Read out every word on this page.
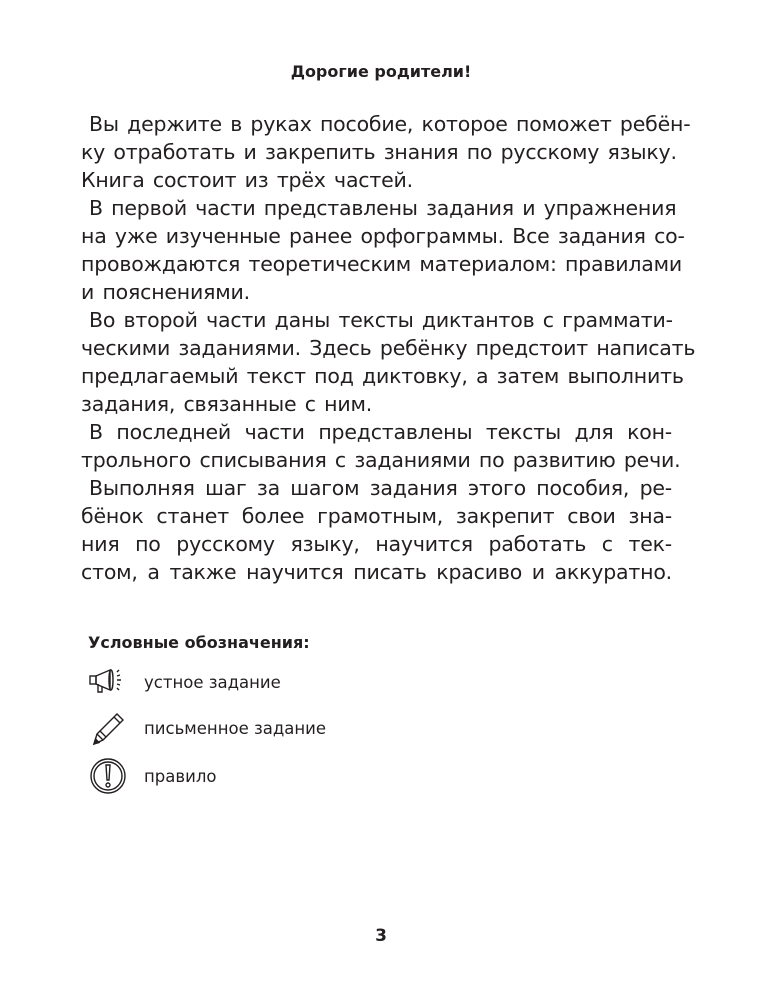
Дорогие родители!
Вы держите в руках пособие, которое поможет ребён-
ку отработать и закрепить знания по русскому языку.
Книга состоит из трёх частей.
В первой части представлены задания и упражнения
на уже изученные ранее орфограммы. Все задания со-
провождаются теоретическим материалом: правилами
и пояснениями.
Во второй части даны тексты диктантов с граммати-
ческими заданиями. Здесь ребёнку предстоит написать
предлагаемый текст под диктовку, а затем выполнить
задания, связанные с ним.
В последней части представлены тексты для кон-
трольного списывания с заданиями по развитию речи.
Выполняя шаг за шагом задания этого пособия, ре-
бёнок станет более грамотным, закрепит свои зна-
ния по русскому языку, научится работать с тек-
стом, а также научится писать красиво и аккуратно.
Условные обозначения:
устное задание
письменное задание
правило
3
